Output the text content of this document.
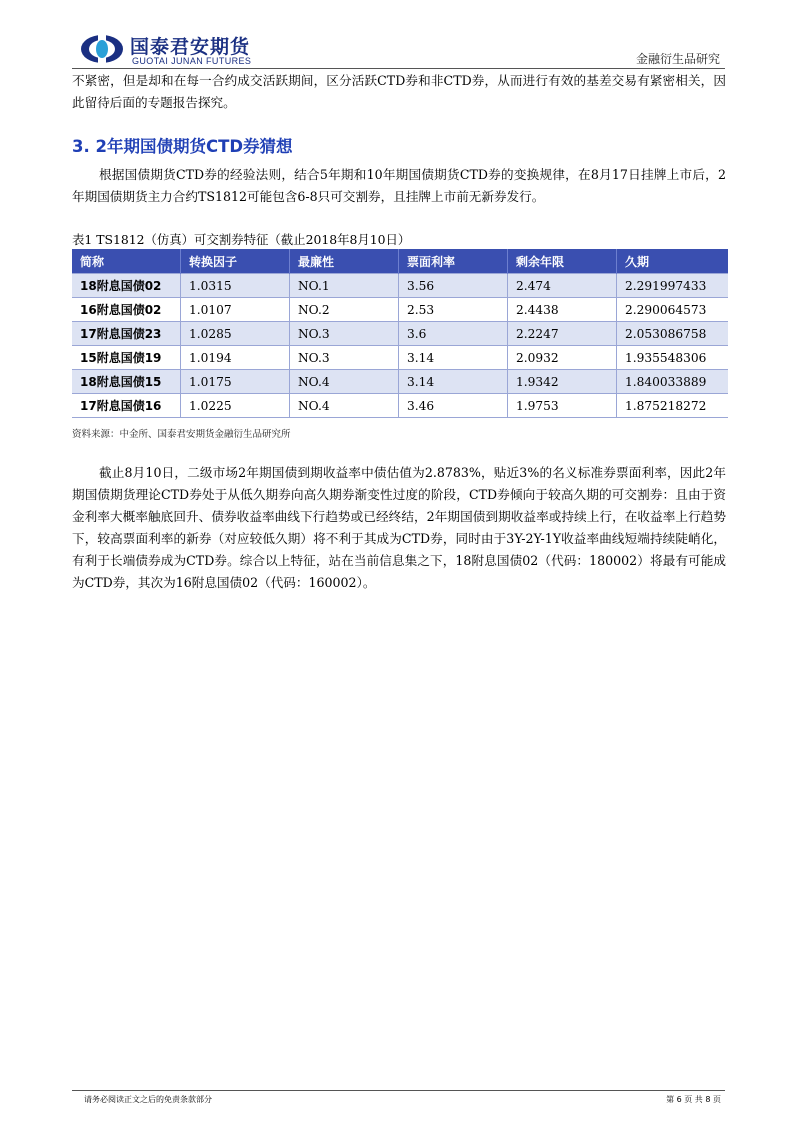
国泰君安期货
GUOTAI JUNAN FUTURES	金融衍生品研究
不紧密，但是却和在每一合约成交活跃期间，区分活跃CTD券和非CTD券，从而进行有效的基差交易有紧密相关，因此留待后面的专题报告探究。
3. 2年期国债期货CTD券猜想
根据国债期货CTD券的经验法则，结合5年期和10年期国债期货CTD券的变换规律，在8月17日挂牌上市后，2年期国债期货主力合约TS1812可能包含6-8只可交割券，且挂牌上市前无新券发行。
表1 TS1812（仿真）可交割券特征（截止2018年8月10日）
简称	转换因子	最廉性	票面利率	剩余年限	久期
18附息国债02	1.0315	NO.1	3.56	2.474	2.291997433
16附息国债02	1.0107	NO.2	2.53	2.4438	2.290064573
17附息国债23	1.0285	NO.3	3.6	2.2247	2.053086758
15附息国债19	1.0194	NO.3	3.14	2.0932	1.935548306
18附息国债15	1.0175	NO.4	3.14	1.9342	1.840033889
17附息国债16	1.0225	NO.4	3.46	1.9753	1.875218272
资料来源：中金所、国泰君安期货金融衍生品研究所
截止8月10日，二级市场2年期国债到期收益率中债估值为2.8783%，贴近3%的名义标准券票面利率，因此2年期国债期货理论CTD券处于从低久期券向高久期券渐变性过度的阶段，CTD券倾向于较高久期的可交割券：且由于资金利率大概率触底回升、债券收益率曲线下行趋势或已经终结，2年期国债到期收益率或持续上行，在收益率上行趋势下，较高票面利率的新券（对应较低久期）将不利于其成为CTD券，同时由于3Y-2Y-1Y收益率曲线短端持续陡峭化，有利于长端债券成为CTD券。综合以上特征，站在当前信息集之下，18附息国债02（代码：180002）将最有可能成为CTD券，其次为16附息国债02（代码：160002）。
请务必阅读正文之后的免责条款部分	第 6 页 共 8 页
